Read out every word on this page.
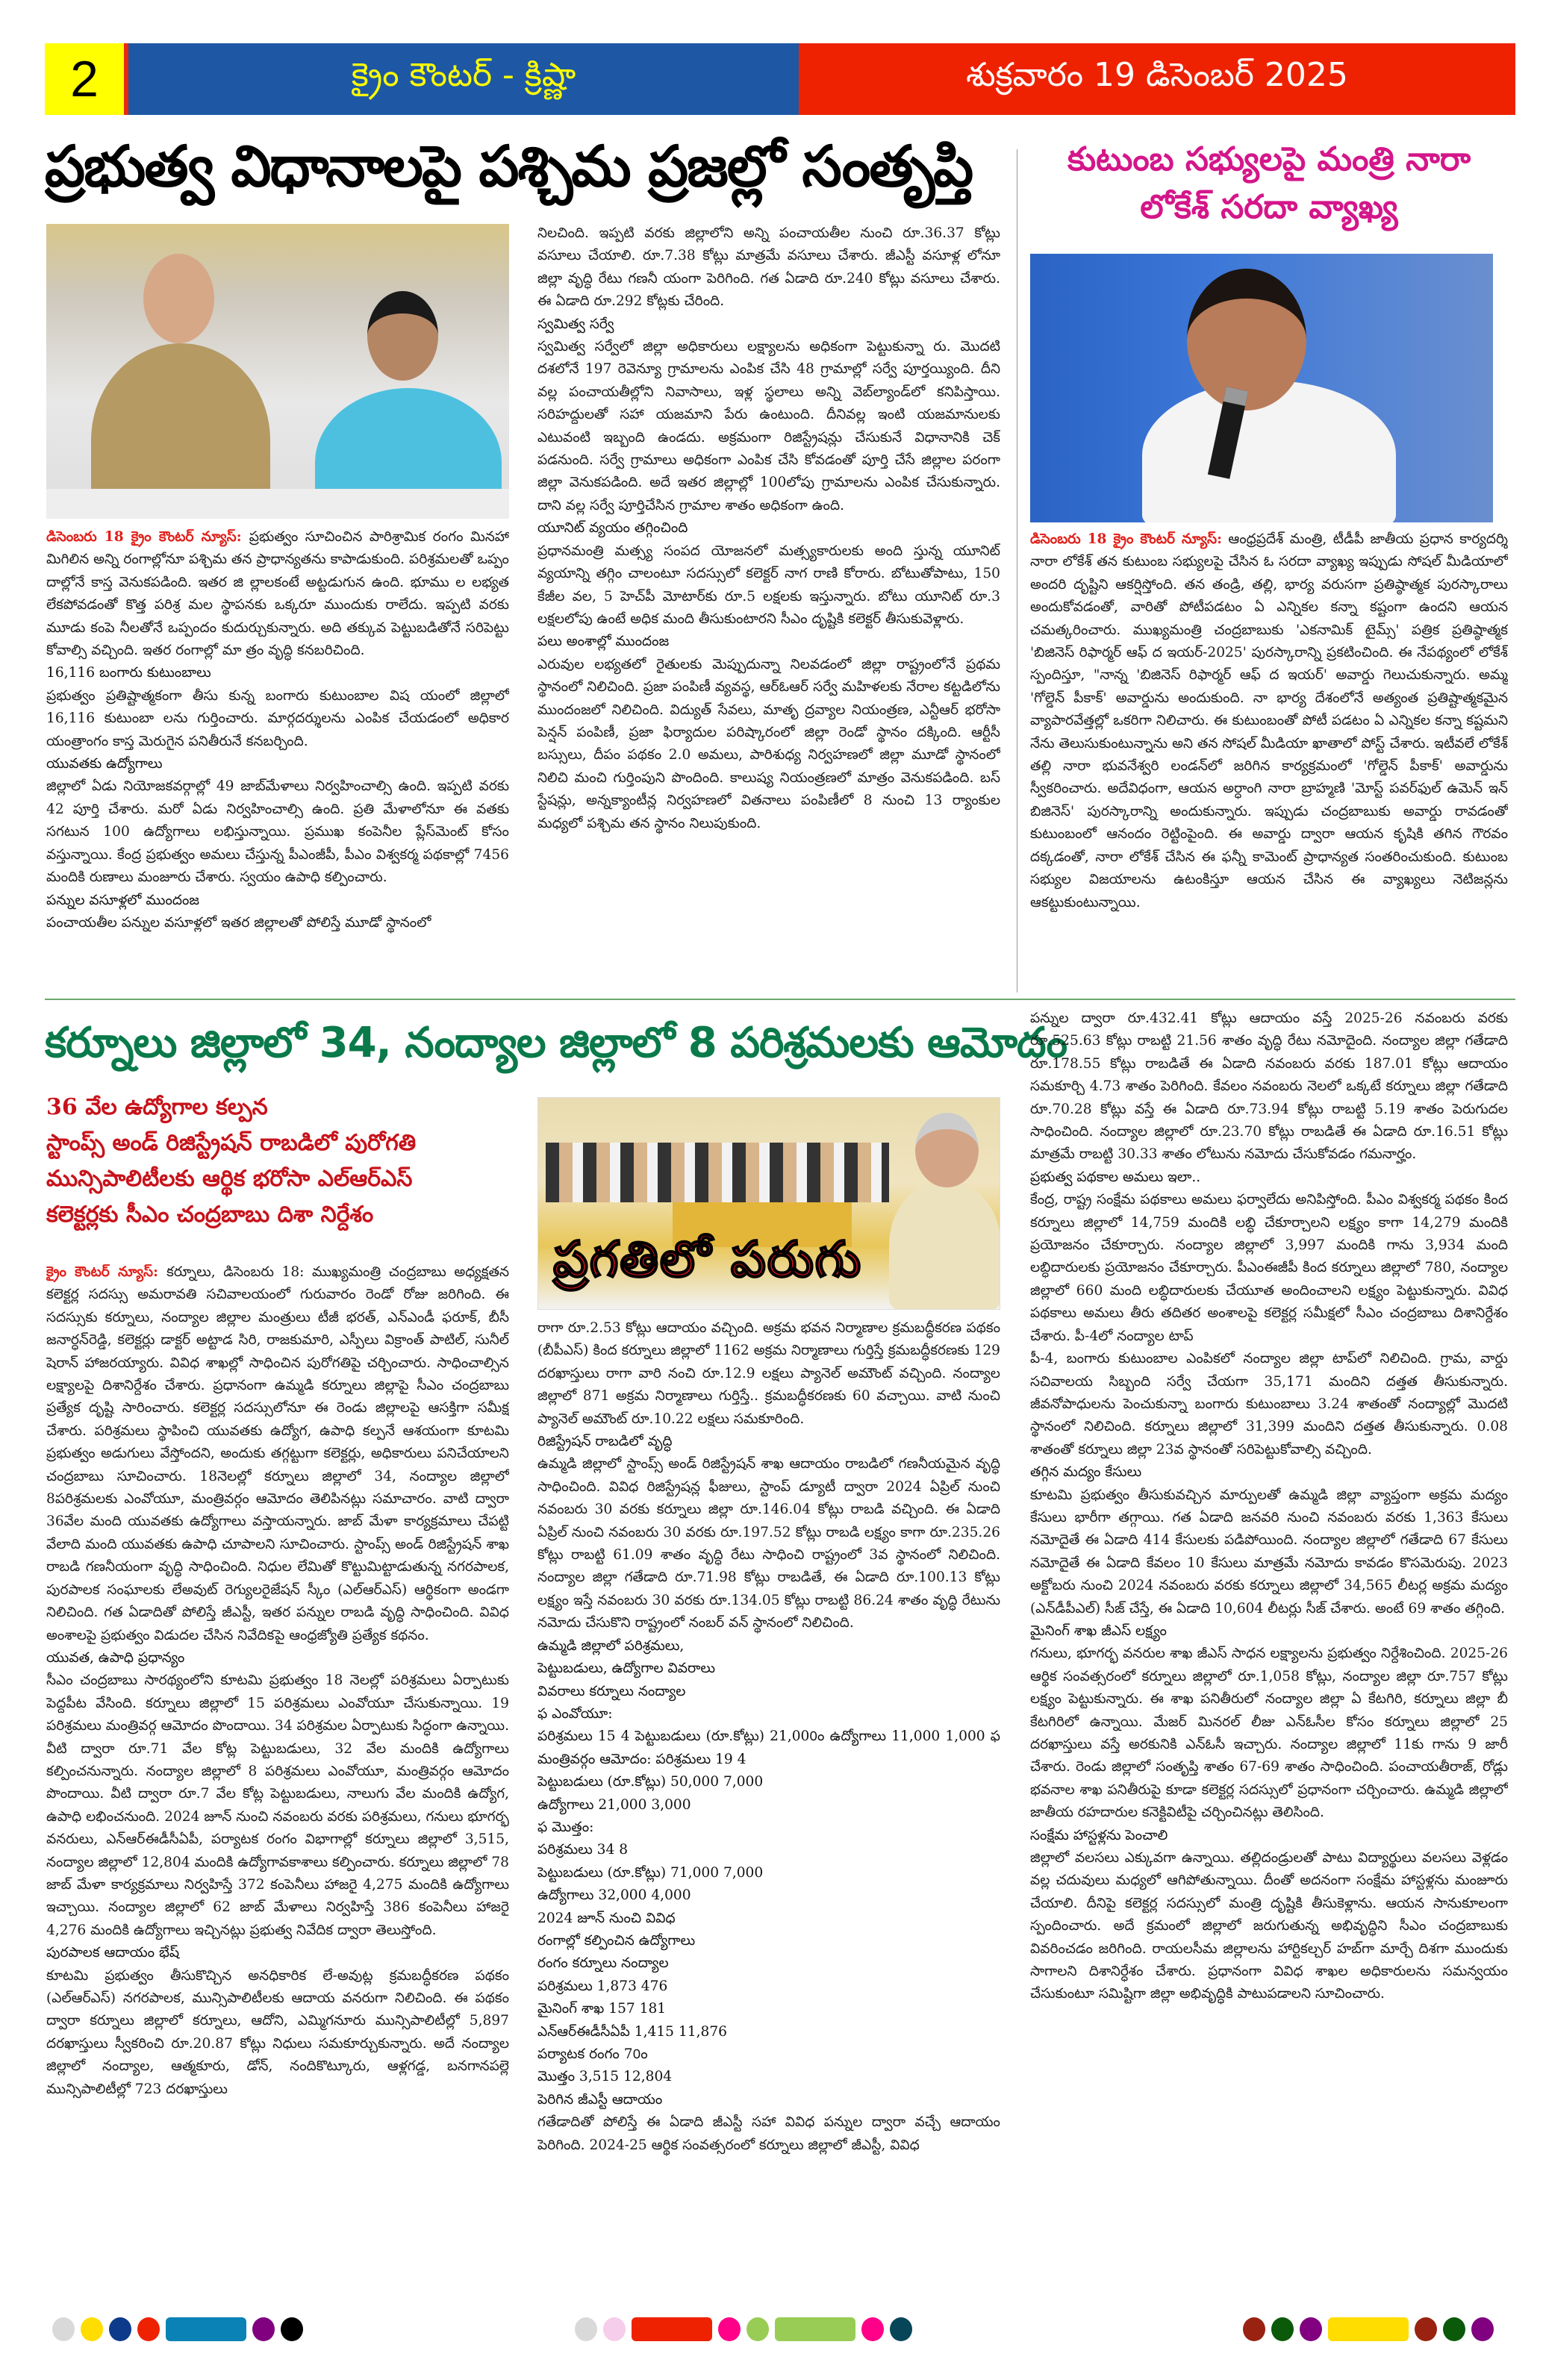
2	క్రైం కౌంటర్ - క్రిష్ణా	శుక్రవారం 19 డిసెంబర్ 2025
ప్రభుత్వ విధానాలపై పశ్చిమ ప్రజల్లో సంతృప్తి

డిసెంబరు 18 క్రైం కౌంటర్ న్యూస్: ప్రభుత్వం సూచించిన పారిశ్రామిక రంగం మినహా మిగిలిన అన్ని రంగాల్లోనూ పశ్చిమ తన ప్రాధాన్యతను కాపాడుకుంది. పరిశ్రమలతో ఒప్పం దాల్లోనే కాస్త వెనుకపడింది. ఇతర జి ల్లాలకంటే అట్టడుగున ఉంది. భూము ల లభ్యత లేకపోవడంతో కొత్త పరిశ్ర మల స్థాపనకు ఒక్కరూ ముందుకు రాలేదు. ఇప్పటి వరకు మూడు కంపె నీలతోనే ఒప్పందం కుదుర్చుకున్నారు. అది తక్కువ పెట్టుబడితోనే సరిపెట్టు కోవాల్సి వచ్చింది. ఇతర రంగాల్లో మా త్రం వృద్ధి కనబరిచింది.

16,116 బంగారు కుటుంబాలు

ప్రభుత్వం ప్రతిష్టాత్మకంగా తీసు కున్న బంగారు కుటుంబాల విష యంలో జిల్లాలో 16,116 కుటుంబా లను గుర్తించారు. మార్గదర్శులను ఎంపిక చేయడంలో అధికార యంత్రాంగం కాస్త మెరుగైన పనితీరునే కనబర్చింది.

యువతకు ఉద్యోగాలు

జిల్లాలో ఏడు నియోజకవర్గాల్లో 49 జాబ్‌మేళాలు నిర్వహించాల్సి ఉంది. ఇప్పటి వరకు 42 పూర్తి చేశారు. మరో ఏడు నిర్వహించాల్సి ఉంది. ప్రతి మేళాలోనూ ఈ వతకు సగటున 100 ఉద్యోగాలు లభిస్తున్నాయి. ప్రముఖ కంపెనీల ప్లేస్‌మెంట్ కోసం వస్తున్నాయి. కేంద్ర ప్రభుత్వం అమలు చేస్తున్న పీఎంజీపీ, పీఎం విశ్వకర్మ పథకాల్లో 7456 మందికి రుణాలు మంజూరు చేశారు. స్వయం ఉపాధి కల్పించారు.

పన్నుల వసూళ్లలో ముందంజ

పంచాయతీల పన్నుల వసూళ్లలో ఇతర జిల్లాలతో పోలిస్తే మూడో స్థానంలో

నిలచింది. ఇప్పటి వరకు జిల్లాలోని అన్ని పంచాయతీల నుంచి రూ.36.37 కోట్లు వసూలు చేయాలి. రూ.7.38 కోట్లు మాత్రమే వసూలు చేశారు. జీఎస్టీ వసూళ్ల లోనూ జిల్లా వృద్ధి రేటు గణనీ యంగా పెరిగింది. గత ఏడాది రూ.240 కోట్లు వసూలు చేశారు. ఈ ఏడాది రూ.292 కోట్లకు చేరింది.

స్వమిత్వ సర్వే

స్వమిత్వ సర్వేలో జిల్లా అధికారులు లక్ష్యాలను అధికంగా పెట్టుకున్నా రు. మొదటి దశలోనే 197 రెవెన్యూ గ్రామాలను ఎంపిక చేసి 48 గ్రామాల్లో సర్వే పూర్తయ్యింది. దీని వల్ల పంచాయతీల్లోని నివాసాలు, ఇళ్ల స్థలాలు అన్ని వెబ్‌ల్యాండ్‌లో కనిపిస్తాయి. సరిహద్దులతో సహా యజమాని పేరు ఉంటుంది. దీనివల్ల ఇంటి యజమానులకు ఎటువంటి ఇబ్బంది ఉండదు. అక్రమంగా రిజిస్ట్రేషన్లు చేసుకునే విధానానికి చెక్ పడనుంది. సర్వే గ్రామాలు అధికంగా ఎంపిక చేసి కోవడంతో పూర్తి చేసే జిల్లాల పరంగా జిల్లా వెనుకపడింది. అదే ఇతర జిల్లాల్లో 100లోపు గ్రామాలను ఎంపిక చేసుకున్నారు. దాని వల్ల సర్వే పూర్తిచేసిన గ్రామాల శాతం అధికంగా ఉంది.

యూనిట్ వ్యయం తగ్గించింది

ప్రధానమంత్రి మత్స్య సంపద యోజనలో మత్స్యకారులకు అంది స్తున్న యూనిట్ వ్యయాన్ని తగ్గిం చాలంటూ సదస్సులో కలెక్టర్ నాగ రాణి కోరారు. బోటుతోపాటు, 150 కేజీల వల, 5 హెచ్‌పీ మోటార్‌కు రూ.5 లక్షలకు ఇస్తున్నారు. బోటు యూనిట్ రూ.3 లక్షలలోపు ఉంటే అధిక మంది తీసుకుంటారని సీఎం దృష్టికి కలెక్టర్ తీసుకువెళ్లారు.

పలు అంశాల్లో ముందంజ

ఎరువుల లభ్యతలో రైతులకు మెప్పుదున్నా నిలవడంలో జిల్లా రాష్ట్రంలోనే ప్రథమ స్థానంలో నిలిచింది. ప్రజా పంపిణీ వ్యవస్థ, ఆర్‌ఓఆర్ సర్వే మహిళలకు నేరాల కట్టడిలోను ముందంజలో నిలిచింది. విద్యుత్ సేవలు, మాతృ ద్రవ్యాల నియంత్రణ, ఎన్టీఆర్ భరోసా పెన్షన్ పంపిణీ, ప్రజా ఫిర్యాదుల పరిష్కారంలో జిల్లా రెండో స్థానం దక్కింది. ఆర్టీసీ బస్సులు, దీపం పథకం 2.0 అమలు, పారిశుధ్య నిర్వహణలో జిల్లా మూడో స్థానంలో నిలిచి మంచి గుర్తింపుని పొందింది. కాలుష్య నియంత్రణలో మాత్రం వెనుకపడింది. బస్ స్టేషన్లు, అన్నక్యాంటీన్ల నిర్వహణలో వితనాలు పంపిణీలో 8 నుంచి 13 ర్యాంకుల మధ్యలో పశ్చిమ తన స్థానం నిలుపుకుంది.

కుటుంబ సభ్యులపై మంత్రి నారా లోకేశ్ సరదా వ్యాఖ్య

డిసెంబరు 18 క్రైం కౌంటర్ న్యూస్: ఆంధ్రప్రదేశ్ మంత్రి, టీడీపీ జాతీయ ప్రధాన కార్యదర్శి నారా లోకేశ్ తన కుటుంబ సభ్యులపై చేసిన ఓ సరదా వ్యాఖ్య ఇప్పుడు సోషల్ మీడియాలో అందరి దృష్టిని ఆకర్షిస్తోంది. తన తండ్రి, తల్లి, భార్య వరుసగా ప్రతిష్ఠాత్మక పురస్కారాలు అందుకోవడంతో, వారితో పోటీపడటం ఏ ఎన్నికల కన్నా కష్టంగా ఉందని ఆయన చమత్కరించారు. ముఖ్యమంత్రి చంద్రబాబుకు 'ఎకనామిక్ టైమ్స్' పత్రిక ప్రతిష్ఠాత్మక 'బిజినెస్ రిఫార్మర్ ఆఫ్ ద ఇయర్-2025' పురస్కారాన్ని ప్రకటించింది. ఈ నేపథ్యంలో లోకేశ్ స్పందిస్తూ, "నాన్న 'బిజినెస్ రిఫార్మర్ ఆఫ్ ద ఇయర్' అవార్డు గెలుచుకున్నారు. అమ్మ 'గోల్డెన్ పీకాక్' అవార్డును అందుకుంది. నా భార్య దేశంలోనే అత్యంత ప్రతిష్టాత్మకమైన వ్యాపారవేత్తల్లో ఒకరిగా నిలిచారు. ఈ కుటుంబంతో పోటీ పడటం ఏ ఎన్నికల కన్నా కష్టమని నేను తెలుసుకుంటున్నాను అని తన సోషల్ మీడియా ఖాతాలో పోస్ట్ చేశారు. ఇటీవలే లోకేశ్ తల్లి నారా భువనేశ్వరి లండన్‌లో జరిగిన కార్యక్రమంలో 'గోల్డెన్ పీకాక్' అవార్డును స్వీకరించారు. అదేవిధంగా, ఆయన అర్ధాంగి నారా బ్రాహ్మణి 'మోస్ట్ పవర్‌ఫుల్ ఉమెన్ ఇన్ బిజినెస్' పురస్కారాన్ని అందుకున్నారు. ఇప్పుడు చంద్రబాబుకు అవార్డు రావడంతో కుటుంబంలో ఆనందం రెట్టింపైంది. ఈ అవార్డు ద్వారా ఆయన కృషికి తగిన గౌరవం దక్కడంతో, నారా లోకేశ్ చేసిన ఈ ఫన్నీ కామెంట్ ప్రాధాన్యత సంతరించుకుంది. కుటుంబ సభ్యుల విజయాలను ఉటంకిస్తూ ఆయన చేసిన ఈ వ్యాఖ్యలు నెటిజన్లను ఆకట్టుకుంటున్నాయి.

కర్నూలు జిల్లాలో 34, నంద్యాల జిల్లాలో 8 పరిశ్రమలకు ఆమోదం
36 వేల ఉద్యోగాల కల్పన
స్టాంప్స్ అండ్ రిజిస్ట్రేషన్ రాబడిలో పురోగతి
మున్సిపాలిటీలకు ఆర్థిక భరోసా ఎల్ఆర్ఎస్
కలెక్టర్లకు సీఎం చంద్రబాబు దిశా నిర్దేశం
ప్రగతిలో పరుగు

క్రైం కౌంటర్ న్యూస్: కర్నూలు, డిసెంబరు 18: ముఖ్యమంత్రి చంద్రబాబు అధ్యక్షతన కలెక్టర్ల సదస్సు అమరావతి సచివాలయంలో గురువారం రెండో రోజు జరిగింది. ఈ సదస్సుకు కర్నూలు, నంద్యాల జిల్లాల మంత్రులు టీజీ భరత్, ఎన్ఎండీ ఫరూక్, బీసీ జనార్ధన్‌రెడ్డి, కలెక్టర్లు డాక్టర్ అట్టాడ సిరి, రాజకుమారి, ఎస్పీలు విక్రాంత్ పాటిల్, సునీల్ షెరాన్ హాజరయ్యారు. వివిధ శాఖల్లో సాధించిన పురోగతిపై చర్చించారు. సాధించాల్సిన లక్ష్యాలపై దిశానిర్దేశం చేశారు. ప్రధానంగా ఉమ్మడి కర్నూలు జిల్లాపై సీఎం చంద్రబాబు ప్రత్యేక దృష్టి సారించారు. కలెక్టర్ల సదస్సులోనూ ఈ రెండు జిల్లాలపై ఆసక్తిగా సమీక్ష చేశారు. పరిశ్రమలు స్థాపించి యువతకు ఉద్యోగ, ఉపాధి కల్పనే ఆశయంగా కూటమి ప్రభుత్వం అడుగులు వేస్తోందని, అందుకు తగ్గట్టుగా కలెక్టర్లు, అధికారులు పనిచేయాలని చంద్రబాబు సూచించారు. 18నెలల్లో కర్నూలు జిల్లాలో 34, నంద్యాల జిల్లాలో 8పరిశ్రమలకు ఎంవోయూ, మంత్రివర్గం ఆమోదం తెలిపినట్లు సమాచారం. వాటి ద్వారా 36వేల మంది యువతకు ఉద్యోగాలు వస్తాయన్నారు. జాబ్ మేళా కార్యక్రమాలు చేపట్టి వేలాది మంది యువతకు ఉపాధి చూపాలని సూచించారు. స్టాంప్స్ అండ్ రిజిస్ట్రేషన్ శాఖ రాబడి గణనీయంగా వృద్ధి సాధించింది. నిధుల లేమితో కొట్టుమిట్టాడుతున్న నగరపాలక, పురపాలక సంఘాలకు లేఅవుట్ రెగ్యులరైజేషన్ స్కీం (ఎల్ఆర్ఎస్) ఆర్థికంగా అండగా నిలిచింది. గత ఏడాదితో పోలిస్తే జీఎస్టీ, ఇతర పన్నుల రాబడి వృద్ధి సాధించింది. వివిధ అంశాలపై ప్రభుత్వం విడుదల చేసిన నివేదికపై ఆంధ్రజ్యోతి ప్రత్యేక కథనం.

యువత, ఉపాధి ప్రధాన్యం

సీఎం చంద్రబాబు సారథ్యంలోని కూటమి ప్రభుత్వం 18 నెలల్లో పరిశ్రమలు ఏర్పాటుకు పెద్దపీట వేసింది. కర్నూలు జిల్లాలో 15 పరిశ్రమలు ఎంవోయూ చేసుకున్నాయి. 19 పరిశ్రమలు మంత్రివర్గ ఆమోదం పొందాయి. 34 పరిశ్రమల ఏర్పాటుకు సిద్ధంగా ఉన్నాయి. వీటి ద్వారా రూ.71 వేల కోట్ల పెట్టుబడులు, 32 వేల మందికి ఉద్యోగాలు కల్పించనున్నారు. నంద్యాల జిల్లాలో 8 పరిశ్రమలు ఎంవోయూ, మంత్రివర్గం ఆమోదం పొందాయి. వీటి ద్వారా రూ.7 వేల కోట్ల పెట్టుబడులు, నాలుగు వేల మందికి ఉద్యోగ, ఉపాధి లభించనుంది. 2024 జూన్ నుంచి నవంబరు వరకు పరిశ్రమలు, గనులు భూగర్భ వనరులు, ఎన్ఆర్ఈడీసీఏపీ, పర్యాటక రంగం విభాగాల్లో కర్నూలు జిల్లాలో 3,515, నంద్యాల జిల్లాలో 12,804 మందికి ఉద్యోగావకాశాలు కల్పించారు. కర్నూలు జిల్లాలో 78 జాబ్ మేళా కార్యక్రమాలు నిర్వహిస్తే 372 కంపెనీలు హాజరై 4,275 మందికి ఉద్యోగాలు ఇచ్చాయి. నంద్యాల జిల్లాలో 62 జాబ్ మేళాలు నిర్వహిస్తే 386 కంపెనీలు హాజరై 4,276 మందికి ఉద్యోగాలు ఇచ్చినట్లు ప్రభుత్వ నివేదిక ద్వారా తెలుస్తోంది.

పురపాలక ఆదాయం భేష్

కూటమి ప్రభుత్వం తీసుకొచ్చిన అనధికారిక లే-అవుట్ల క్రమబద్ధీకరణ పథకం (ఎల్ఆర్ఎస్) నగరపాలక, మున్సిపాలిటీలకు ఆదాయ వనరుగా నిలిచింది. ఈ పథకం ద్వారా కర్నూలు జిల్లాలో కర్నూలు, ఆదోని, ఎమ్మిగనూరు మున్సిపాలిటీల్లో 5,897 దరఖాస్తులు స్వీకరించి రూ.20.87 కోట్లు నిధులు సమకూర్చుకున్నారు. అదే నంద్యాల జిల్లాలో నంద్యాల, ఆత్మకూరు, డోన్, నందికొట్కూరు, ఆళ్లగడ్డ, బనగానపల్లె మున్సిపాలిటీల్లో 723 దరఖాస్తులు

రాగా రూ.2.53 కోట్లు ఆదాయం వచ్చింది. అక్రమ భవన నిర్మాణాల క్రమబద్ధీకరణ పథకం (బీపీఎస్) కింద కర్నూలు జిల్లాలో 1162 అక్రమ నిర్మాణాలు గుర్తిస్తే క్రమబద్ధీకరణకు 129 దరఖాస్తులు రాగా వారి నంచి రూ.12.9 లక్షలు ప్యానెల్ అమౌంట్ వచ్చింది. నంద్యాల జిల్లాలో 871 అక్రమ నిర్మాణాలు గుర్తిస్తే.. క్రమబద్ధీకరణకు 60 వచ్చాయి. వాటి నుంచి ప్యానెల్ అమౌంట్ రూ.10.22 లక్షలు సమకూరింది.

రిజిస్ట్రేషన్ రాబడిలో వృద్ధి

ఉమ్మడి జిల్లాలో స్టాంప్స్ అండ్ రిజిస్ట్రేషన్ శాఖ ఆదాయం రాబడిలో గణనీయమైన వృద్ధి సాధించింది. వివిధ రిజిస్ట్రేషన్ల ఫీజులు, స్టాంప్ డ్యూటీ ద్వారా 2024 ఏప్రిల్ నుంచి నవంబరు 30 వరకు కర్నూలు జిల్లా రూ.146.04 కోట్లు రాబడి వచ్చింది. ఈ ఏడాది ఏప్రిల్ నుంచి నవంబరు 30 వరకు రూ.197.52 కోట్లు రాబడి లక్ష్యం కాగా రూ.235.26 కోట్లు రాబట్టి 61.09 శాతం వృద్ధి రేటు సాధించి రాష్ట్రంలో 3వ స్థానంలో నిలిచింది. నంద్యాల జిల్లా గతేడాది రూ.71.98 కోట్లు రాబడితే, ఈ ఏడాది రూ.100.13 కోట్లు లక్ష్యం ఇస్తే నవంబరు 30 వరకు రూ.134.05 కోట్లు రాబట్టి 86.24 శాతం వృద్ధి రేటును నమోదు చేసుకొని రాష్ట్రంలో నంబర్ వన్ స్థానంలో నిలిచింది.

ఉమ్మడి జిల్లాలో పరిశ్రమలు,

పెట్టుబడులు, ఉద్యోగాల వివరాలు

వివరాలు కర్నూలు నంద్యాల

ఫ ఎంవోయూ:

పరిశ్రమలు 15 4 పెట్టుబడులు (రూ.కోట్లు) 21,000ం ఉద్యోగాలు 11,000 1,000 ఫ మంత్రివర్గం ఆమోదం: పరిశ్రమలు 19 4

పెట్టుబడులు (రూ.కోట్లు) 50,000 7,000

ఉద్యోగాలు 21,000 3,000

ఫ మొత్తం:

పరిశ్రమలు 34 8

పెట్టుబడులు (రూ.కోట్లు) 71,000 7,000

ఉద్యోగాలు 32,000 4,000

2024 జూన్ నుంచి వివిధ

రంగాల్లో కల్పించిన ఉద్యోగాలు

రంగం కర్నూలు నంద్యాల

పరిశ్రమలు 1,873 476

మైనింగ్ శాఖ 157 181

ఎన్ఆర్ఈడీసీఏపీ 1,415 11,876

పర్యాటక రంగం 70ం

మొత్తం 3,515 12,804

పెరిగిన జీఎస్టీ ఆదాయం

గతేడాదితో పోలిస్తే ఈ ఏడాది జీఎస్టీ సహా వివిధ పన్నుల ద్వారా వచ్చే ఆదాయం పెరిగింది. 2024-25 ఆర్థిక సంవత్సరంలో కర్నూలు జిల్లాలో జీఎస్టీ, వివిధ

పన్నుల ద్వారా రూ.432.41 కోట్లు ఆదాయం వస్తే 2025-26 నవంబరు వరకు రూ.525.63 కోట్లు రాబట్టి 21.56 శాతం వృద్ధి రేటు నమోదైంది. నంద్యాల జిల్లా గతేడాది రూ.178.55 కోట్లు రాబడితే ఈ ఏడాది నవంబరు వరకు 187.01 కోట్లు ఆదాయం సమకూర్చి 4.73 శాతం పెరిగింది. కేవలం నవంబరు నెలలో ఒక్కటే కర్నూలు జిల్లా గతేడాది రూ.70.28 కోట్లు వస్తే ఈ ఏడాది రూ.73.94 కోట్లు రాబట్టి 5.19 శాతం పెరుగుదల సాధించింది. నంద్యాల జిల్లాలో రూ.23.70 కోట్లు రాబడితే ఈ ఏడాది రూ.16.51 కోట్లు మాత్రమే రాబట్టి 30.33 శాతం లోటును నమోదు చేసుకోవడం గమనార్హం.

ప్రభుత్వ పథకాల అమలు ఇలా..

కేంద్ర, రాష్ట్ర సంక్షేమ పథకాలు అమలు ఫర్వాలేదు అనిపిస్తోంది. పీఎం విశ్వకర్మ పథకం కింద కర్నూలు జిల్లాలో 14,759 మందికి లబ్ధి చేకూర్చాలని లక్ష్యం కాగా 14,279 మందికి ప్రయోజనం చేకూర్చారు. నంద్యాల జిల్లాలో 3,997 మందికి గాను 3,934 మంది లబ్ధిదారులకు ప్రయోజనం చేకూర్చారు. పీఎంఈజీపీ కింద కర్నూలు జిల్లాలో 780, నంద్యాల జిల్లాలో 660 మంది లబ్ధిదారులకు చేయూత అందించాలని లక్ష్యం పెట్టుకున్నారు. వివిధ పథకాలు అమలు తీరు తదితర అంశాలపై కలెక్టర్ల సమీక్షలో సీఎం చంద్రబాబు దిశానిర్దేశం చేశారు. పీ-4లో నంద్యాల టాప్

పీ-4, బంగారు కుటుంబాల ఎంపికలో నంద్యాల జిల్లా టాప్‌లో నిలిచింది. గ్రామ, వార్డు సచివాలయ సిబ్బంది సర్వే చేయగా 35,171 మందిని దత్తత తీసుకున్నారు. జీవనోపాధులను పెంచుకున్నా బంగారు కుటుంబాలు 3.24 శాతంతో నంద్యాల్లో మొదటి స్థానంలో నిలిచింది. కర్నూలు జిల్లాలో 31,399 మందిని దత్తత తీసుకున్నారు. 0.08 శాతంతో కర్నూలు జిల్లా 23వ స్థానంతో సరిపెట్టుకోవాల్సి వచ్చింది.

తగ్గిన మద్యం కేసులు

కూటమి ప్రభుత్వం తీసుకువచ్చిన మార్పులతో ఉమ్మడి జిల్లా వ్యాప్తంగా అక్రమ మద్యం కేసులు భారీగా తగ్గాయి. గత ఏడాది జనవరి నుంచి నవంబరు వరకు 1,363 కేసులు నమోదైతే ఈ ఏడాది 414 కేసులకు పడిపోయింది. నంద్యాల జిల్లాలో గతేడాది 67 కేసులు నమోదైతే ఈ ఏడాది కేవలం 10 కేసులు మాత్రమే నమోదు కావడం కొసమెరుపు. 2023 అక్టోబరు నుంచి 2024 నవంబరు వరకు కర్నూలు జిల్లాలో 34,565 లీటర్ల అక్రమ మద్యం (ఎన్‌డీపీఎల్) సీజ్ చేస్తే, ఈ ఏడాది 10,604 లీటర్లు సీజ్ చేశారు. అంటే 69 శాతం తగ్గింది.

మైనింగ్ శాఖ జీఎస్ లక్ష్యం

గనులు, భూగర్భ వనరుల శాఖ జీఎస్ సాధన లక్ష్యాలను ప్రభుత్వం నిర్దేశించింది. 2025-26 ఆర్థిక సంవత్సరంలో కర్నూలు జిల్లాలో రూ.1,058 కోట్లు, నంద్యాల జిల్లా రూ.757 కోట్లు లక్ష్యం పెట్టుకున్నారు. ఈ శాఖ పనితీరులో నంద్యాల జిల్లా ఏ కేటగిరి, కర్నూలు జిల్లా బీ కేటగిరిలో ఉన్నాయి. మేజర్ మినరల్ లీజు ఎన్‌ఓసీల కోసం కర్నూలు జిల్లాలో 25 దరఖాస్తులు వస్తే అరకునికి ఎన్ఓసీ ఇచ్చారు. నంద్యాల జిల్లాలో 11కు గాను 9 జారీ చేశారు. రెండు జిల్లాలో సంతృప్తి శాతం 67-69 శాతం సాధించింది. పంచాయతీరాజ్, రోడ్లు భవనాల శాఖ పనితీరుపై కూడా కలెక్టర్ల సదస్సులో ప్రధానంగా చర్చించారు. ఉమ్మడి జిల్లాలో జాతీయ రహదారుల కనెక్టివిటీపై చర్చించినట్లు తెలిసింది.

సంక్షేమ హాస్టళ్లను పెంచాలి

జిల్లాలో వలసలు ఎక్కువగా ఉన్నాయి. తల్లిదండ్రులతో పాటు విద్యార్థులు వలసలు వెళ్లడం వల్ల చదువులు మధ్యలో ఆగిపోతున్నాయి. దీంతో అదనంగా సంక్షేమ హాస్టళ్లను మంజూరు చేయాలి. దీనిపై కలెక్టర్ల సదస్సులో మంత్రి దృష్టికి తీసుకెళ్లాను. ఆయన సానుకూలంగా స్పందించారు. అదే క్రమంలో జిల్లాలో జరుగుతున్న అభివృద్ధిని సీఎం చంద్రబాబుకు వివరించడం జరిగింది. రాయలసీమ జిల్లాలను హార్టికల్చర్ హబ్‌గా మార్చే దిశగా ముందుకు సాగాలని దిశానిర్ధేశం చేశారు. ప్రధానంగా వివిధ శాఖల అధికారులను సమన్వయం చేసుకుంటూ సమిష్టిగా జిల్లా అభివృద్ధికి పాటుపడాలని సూచించారు.
